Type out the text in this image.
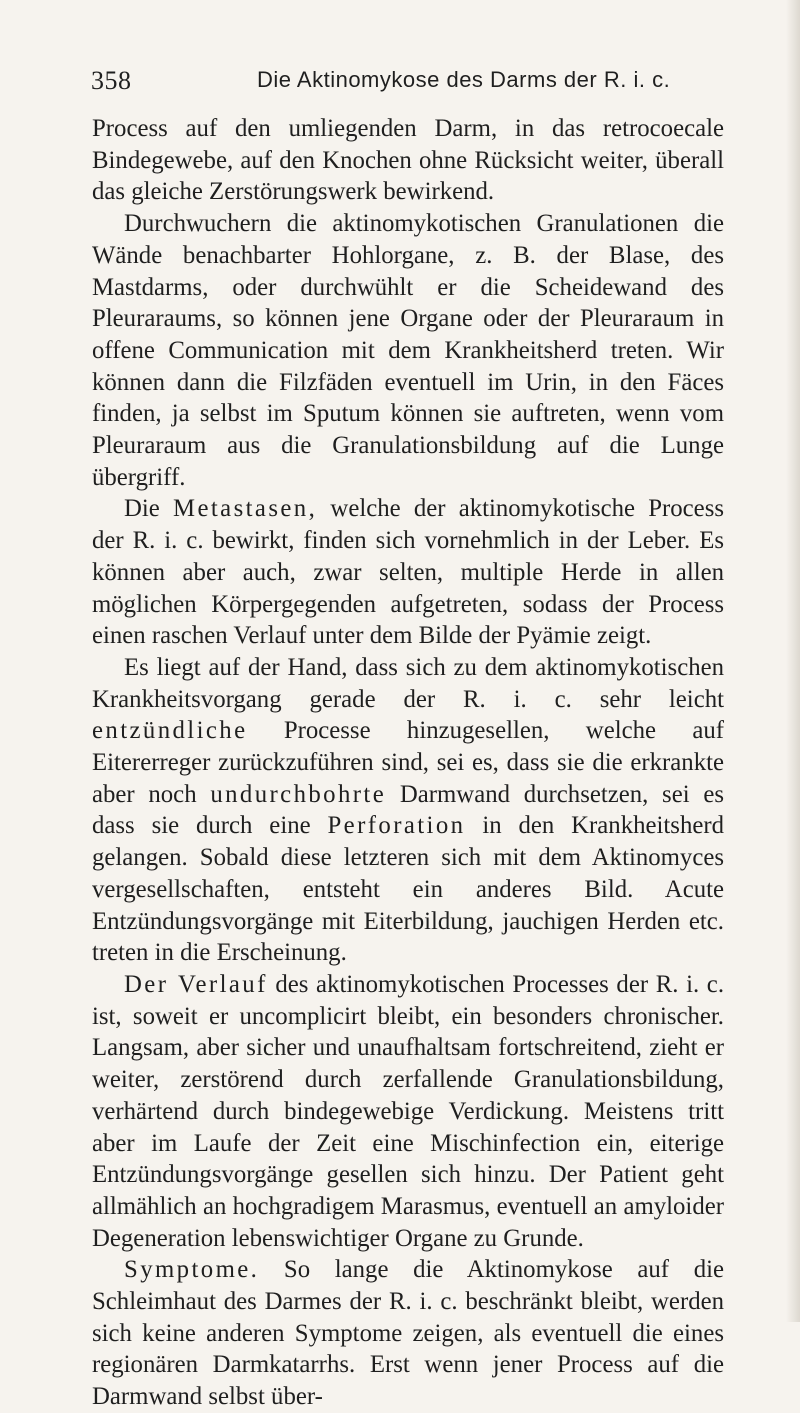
358	Die Aktinomykose des Darms der R. i. c.

Process auf den umliegenden Darm, in das retrocoecale Bindegewebe, auf den Knochen ohne Rücksicht weiter, überall das gleiche Zerstörungswerk bewirkend.

Durchwuchern die aktinomykotischen Granulationen die Wände benachbarter Hohlorgane, z. B. der Blase, des Mastdarms, oder durchwühlt er die Scheidewand des Pleuraraums, so können jene Organe oder der Pleuraraum in offene Communication mit dem Krankheitsherd treten. Wir können dann die Filzfäden eventuell im Urin, in den Fäces finden, ja selbst im Sputum können sie auftreten, wenn vom Pleuraraum aus die Granulationsbildung auf die Lunge übergriff.

Die Metastasen, welche der aktinomykotische Process der R. i. c. bewirkt, finden sich vornehmlich in der Leber. Es können aber auch, zwar selten, multiple Herde in allen möglichen Körpergegenden aufgetreten, sodass der Process einen raschen Verlauf unter dem Bilde der Pyämie zeigt.

Es liegt auf der Hand, dass sich zu dem aktinomykotischen Krankheitsvorgang gerade der R. i. c. sehr leicht entzündliche Processe hinzugesellen, welche auf Eitererreger zurückzuführen sind, sei es, dass sie die erkrankte aber noch undurchbohrte Darmwand durchsetzen, sei es dass sie durch eine Perforation in den Krankheitsherd gelangen. Sobald diese letzteren sich mit dem Aktinomyces vergesellschaften, entsteht ein anderes Bild. Acute Entzündungsvorgänge mit Eiterbildung, jauchigen Herden etc. treten in die Erscheinung.

Der Verlauf des aktinomykotischen Processes der R. i. c. ist, soweit er uncomplicirt bleibt, ein besonders chronischer. Langsam, aber sicher und unaufhaltsam fortschreitend, zieht er weiter, zerstörend durch zerfallende Granulationsbildung, verhärtend durch bindegewebige Verdickung. Meistens tritt aber im Laufe der Zeit eine Mischinfection ein, eiterige Entzündungsvorgänge gesellen sich hinzu. Der Patient geht allmählich an hochgradigem Marasmus, eventuell an amyloider Degeneration lebenswichtiger Organe zu Grunde.

Symptome. So lange die Aktinomykose auf die Schleimhaut des Darmes der R. i. c. beschränkt bleibt, werden sich keine anderen Symptome zeigen, als eventuell die eines regionären Darmkatarrhs. Erst wenn jener Process auf die Darmwand selbst über-
